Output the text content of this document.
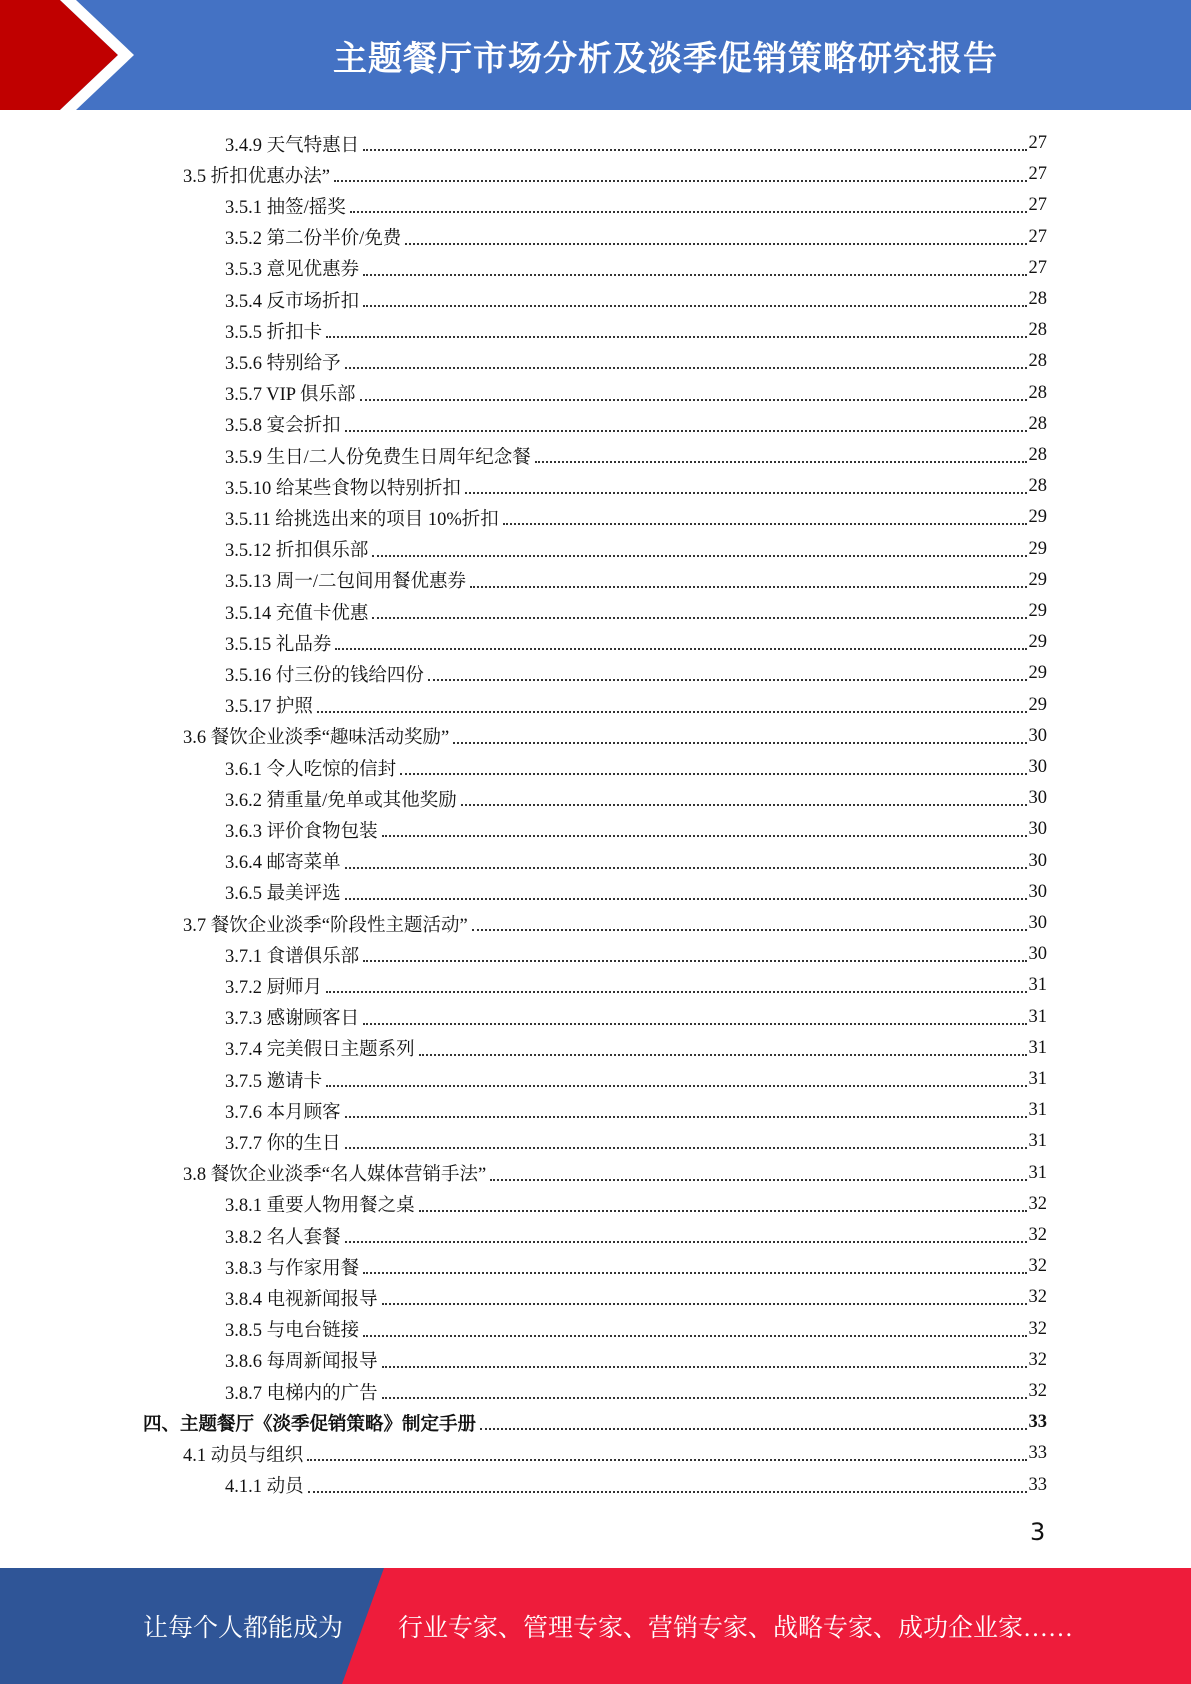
主题餐厅市场分析及淡季促销策略研究报告
3.4.9 天气特惠日	27
3.5 折扣优惠办法”	27
3.5.1 抽签/摇奖	27
3.5.2 第二份半价/免费	27
3.5.3 意见优惠券	27
3.5.4 反市场折扣	28
3.5.5 折扣卡	28
3.5.6 特别给予	28
3.5.7 VIP 俱乐部	28
3.5.8 宴会折扣	28
3.5.9 生日/二人份免费生日周年纪念餐	28
3.5.10 给某些食物以特别折扣	28
3.5.11 给挑选出来的项目 10%折扣	29
3.5.12 折扣俱乐部	29
3.5.13 周一/二包间用餐优惠券	29
3.5.14 充值卡优惠	29
3.5.15 礼品券	29
3.5.16 付三份的钱给四份	29
3.5.17 护照	29
3.6 餐饮企业淡季“趣味活动奖励”	30
3.6.1 令人吃惊的信封	30
3.6.2 猜重量/免单或其他奖励	30
3.6.3 评价食物包装	30
3.6.4 邮寄菜单	30
3.6.5 最美评选	30
3.7 餐饮企业淡季“阶段性主题活动”	30
3.7.1 食谱俱乐部	30
3.7.2 厨师月	31
3.7.3 感谢顾客日	31
3.7.4 完美假日主题系列	31
3.7.5 邀请卡	31
3.7.6 本月顾客	31
3.7.7 你的生日	31
3.8 餐饮企业淡季“名人媒体营销手法”	31
3.8.1 重要人物用餐之桌	32
3.8.2 名人套餐	32
3.8.3 与作家用餐	32
3.8.4 电视新闻报导	32
3.8.5 与电台链接	32
3.8.6 每周新闻报导	32
3.8.7 电梯内的广告	32
四、主题餐厅《淡季促销策略》制定手册	33
4.1 动员与组织	33
4.1.1 动员	33
3
让每个人都能成为 行业专家、管理专家、营销专家、战略专家、成功企业家……
